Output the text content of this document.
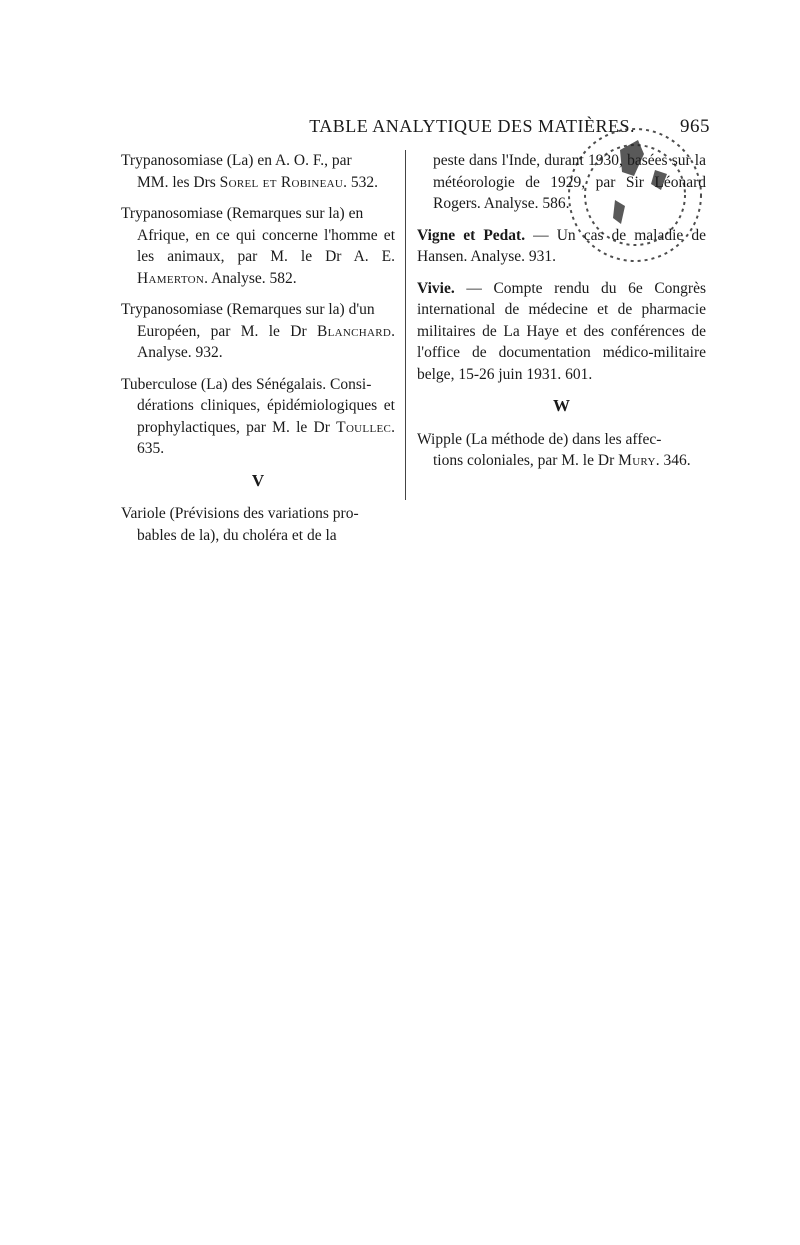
TABLE ANALYTIQUE DES MATIÈRES. 965
Trypanosomiase (La) en A. O. F., par
MM. les Drs Sorel et Robineau. 532.
Trypanosomiase (Remarques sur la) en
Afrique, en ce qui concerne l'homme et les animaux, par M. le Dr A. E. Hamerton. Analyse. 582.
Trypanosomiase (Remarques sur la) d'un
Européen, par M. le Dr Blanchard. Analyse. 932.
Tuberculose (La) des Sénégalais. Consi-
dérations cliniques, épidémiologiques et prophylactiques, par M. le Dr Toullec. 635.
V
Variole (Prévisions des variations pro-
bables de la), du choléra et de la
peste dans l'Inde, durant 1930, basées sur la météorologie de 1929, par Sir Léonard Rogers. Analyse. 586.
Vigne et Pedat. — Un cas de maladie de Hansen. Analyse. 931.
Vivie. — Compte rendu du 6e Congrès international de médecine et de pharmacie militaires de La Haye et des conférences de l'office de documentation médico-militaire belge, 15-26 juin 1931. 601.
W
Wipple (La méthode de) dans les affec-
tions coloniales, par M. le Dr Mury. 346.
